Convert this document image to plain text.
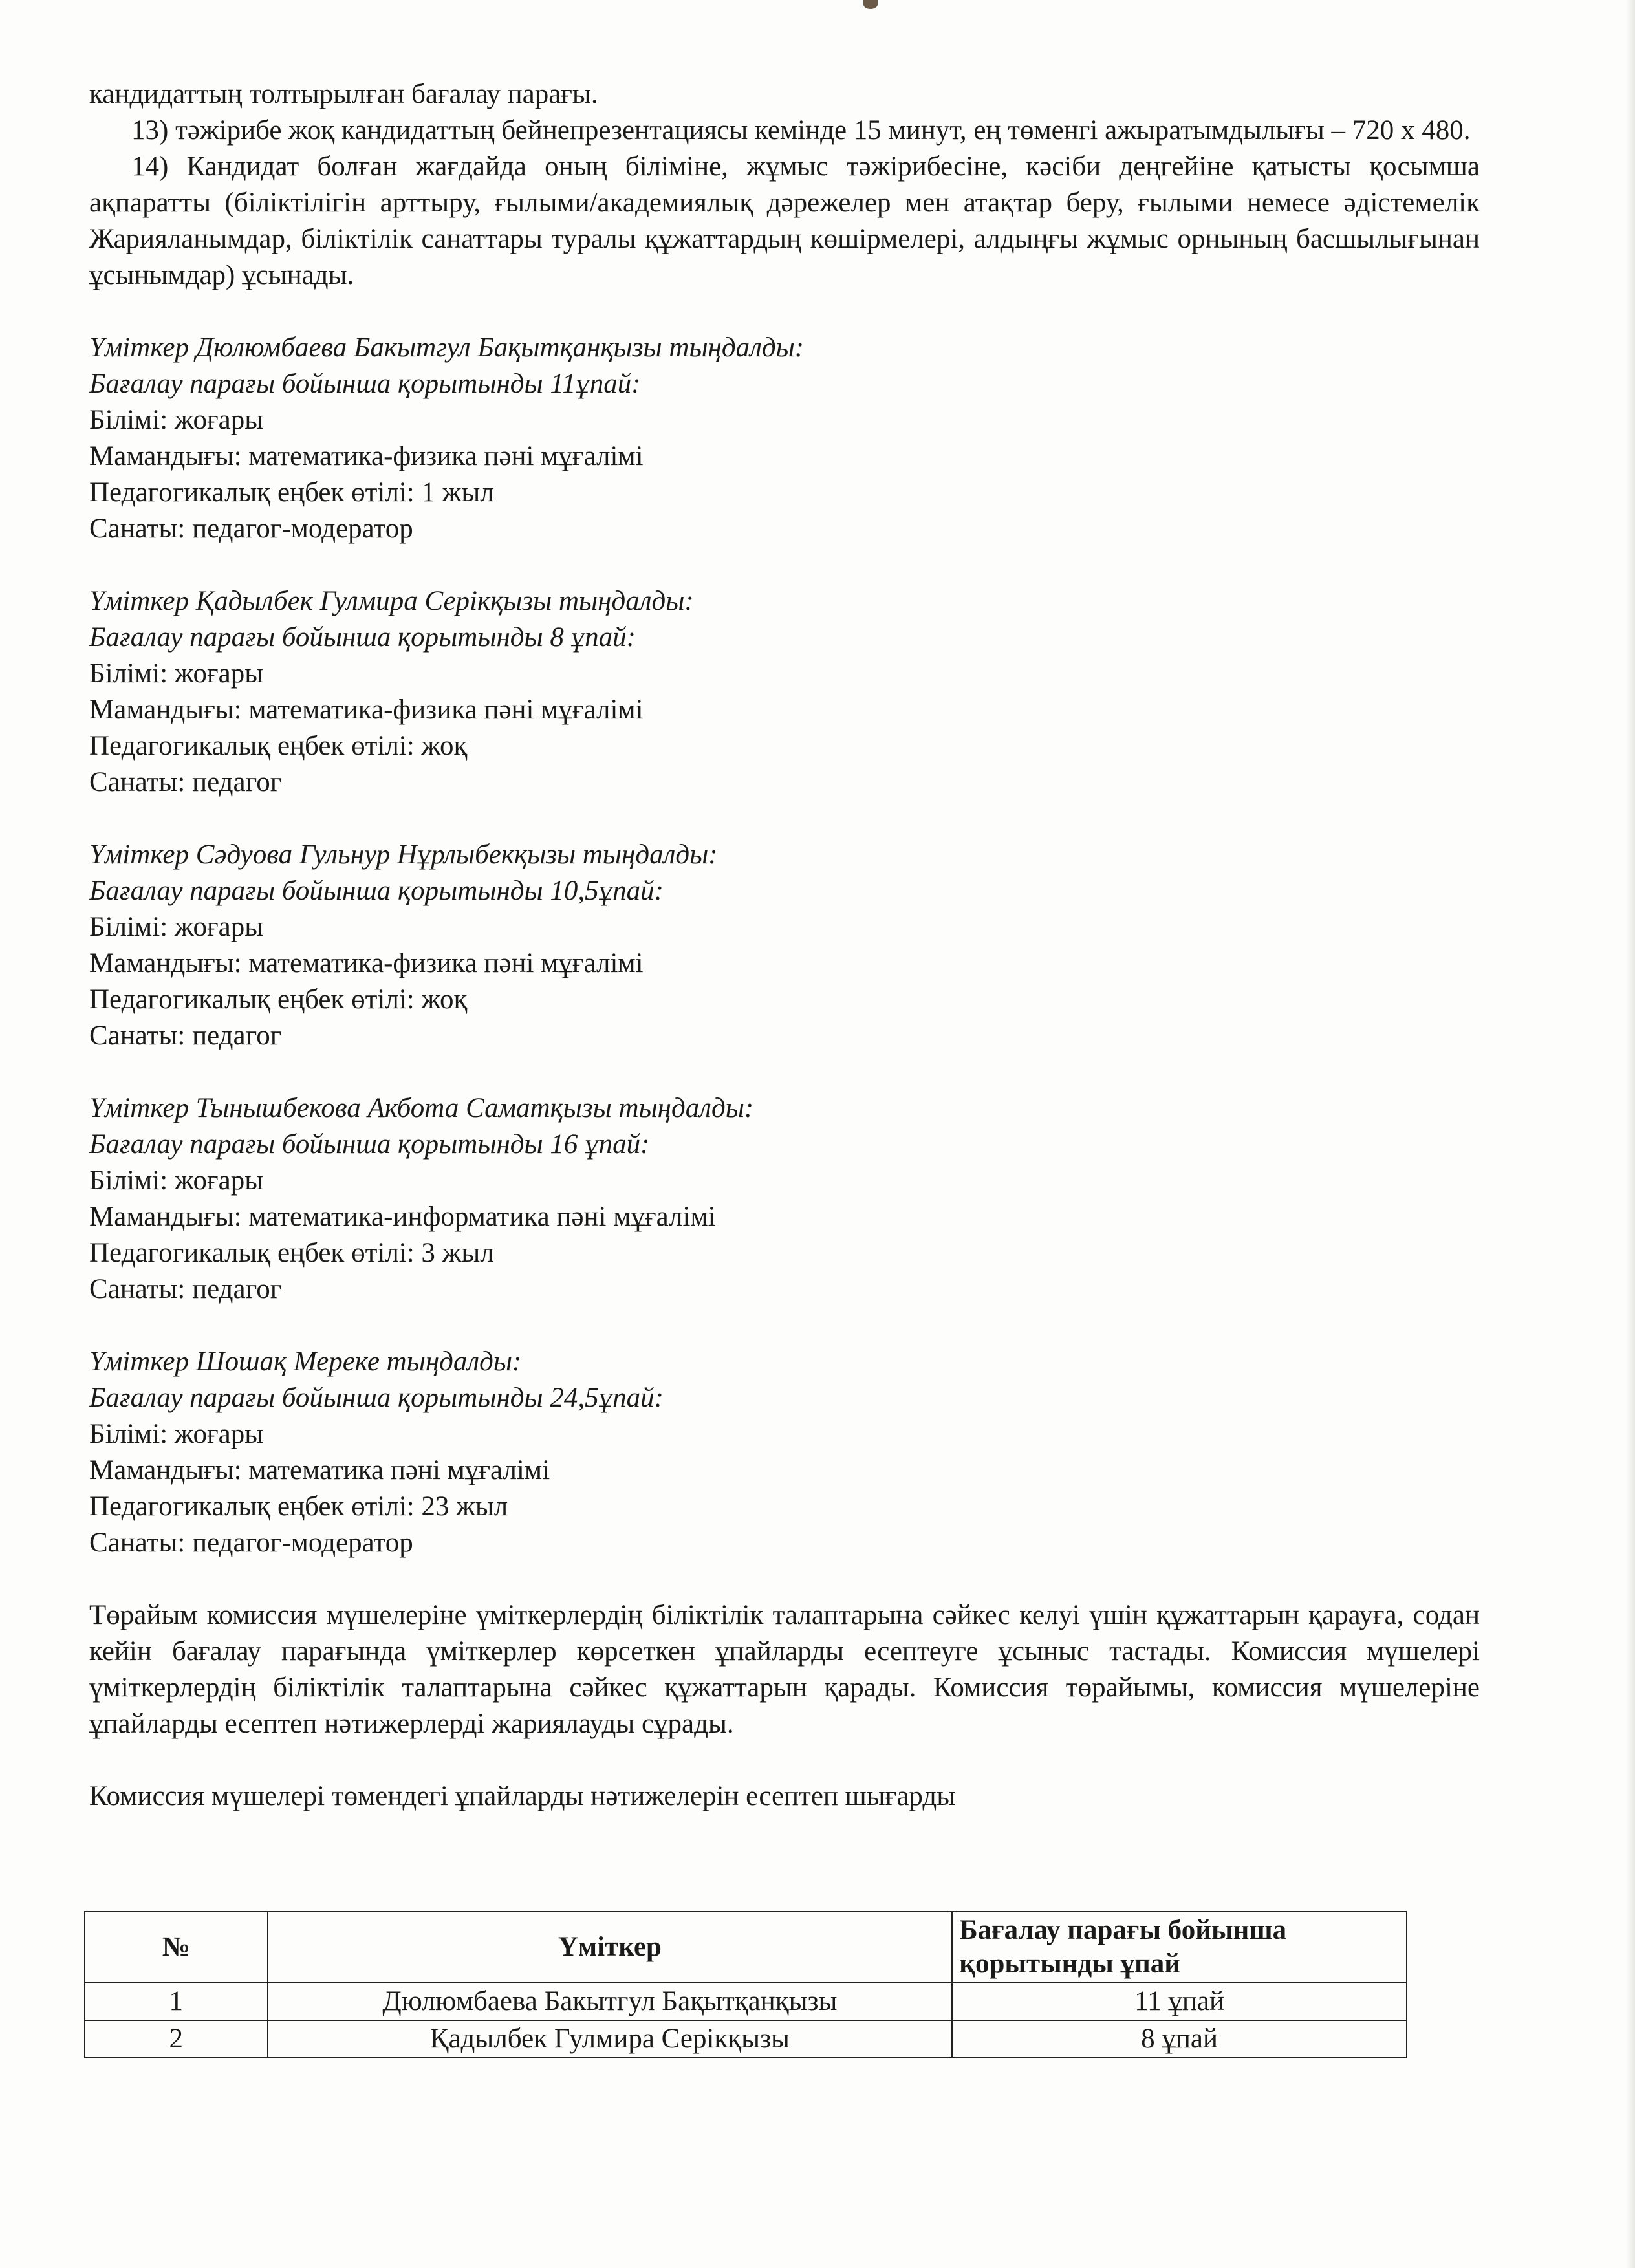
кандидаттың толтырылған бағалау парағы.

13) тәжірибе жоқ кандидаттың бейнепрезентациясы кемінде 15 минут, ең төменгі ажыратымдылығы – 720 х 480.

14) Кандидат болған жағдайда оның біліміне, жұмыс тәжірибесіне, кәсіби деңгейіне қатысты қосымша ақпаратты (біліктілігін арттыру, ғылыми/академиялық дәрежелер мен атақтар беру, ғылыми немесе әдістемелік Жарияланымдар, біліктілік санаттары туралы құжаттардың көшірмелері, алдыңғы жұмыс орнының басшылығынан ұсынымдар) ұсынады.

Үміткер Дюлюмбаева Бакытгул Бақытқанқызы тыңдалды:

Бағалау парағы бойынша қорытынды 11ұпай:

Білімі: жоғары

Мамандығы: математика-физика пәні мұғалімі

Педагогикалық еңбек өтілі: 1 жыл

Санаты: педагог-модератор

Үміткер Қадылбек Гулмира Серікқызы тыңдалды:

Бағалау парағы бойынша қорытынды 8 ұпай:

Білімі: жоғары

Мамандығы: математика-физика пәні мұғалімі

Педагогикалық еңбек өтілі: жоқ

Санаты: педагог

Үміткер Сәдуова Гульнур Нұрлыбекқызы тыңдалды:

Бағалау парағы бойынша қорытынды 10,5ұпай:

Білімі: жоғары

Мамандығы: математика-физика пәні мұғалімі

Педагогикалық еңбек өтілі: жоқ

Санаты: педагог

Үміткер Тынышбекова Акбота Саматқызы тыңдалды:

Бағалау парағы бойынша қорытынды 16 ұпай:

Білімі: жоғары

Мамандығы: математика-информатика пәні мұғалімі

Педагогикалық еңбек өтілі: 3 жыл

Санаты: педагог

Үміткер Шошақ Мереке тыңдалды:

Бағалау парағы бойынша қорытынды 24,5ұпай:

Білімі: жоғары

Мамандығы: математика пәні мұғалімі

Педагогикалық еңбек өтілі: 23 жыл

Санаты: педагог-модератор

Төрайым комиссия мүшелеріне үміткерлердің біліктілік талаптарына сәйкес келуі үшін құжаттарын қарауға, содан кейін бағалау парағында үміткерлер көрсеткен ұпайларды есептеуге ұсыныс тастады. Комиссия мүшелері үміткерлердің біліктілік талаптарына сәйкес құжаттарын қарады. Комиссия төрайымы, комиссия мүшелеріне ұпайларды есептеп нәтижерлерді жариялауды сұрады.

Комиссия мүшелері төмендегі ұпайларды нәтижелерін есептеп шығарды

№	Үміткер	Бағалау парағы бойынша қорытынды ұпай
1	Дюлюмбаева Бакытгул Бақытқанқызы	11 ұпай
2	Қадылбек Гулмира Серікқызы	8 ұпай
